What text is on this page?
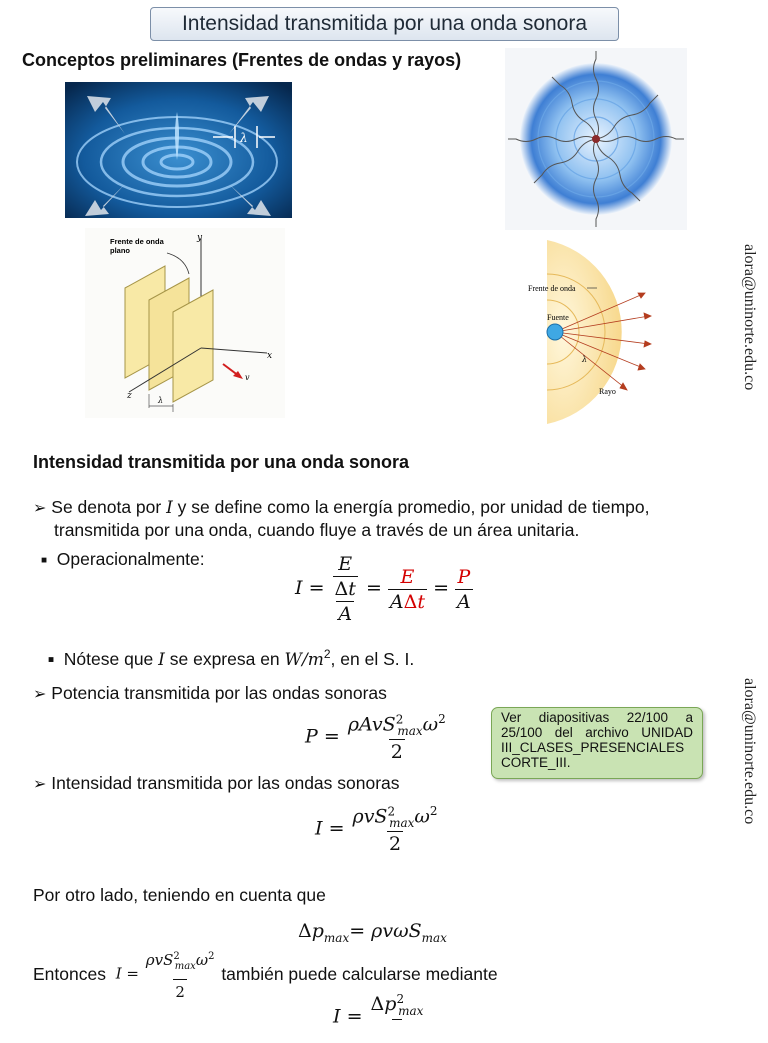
Intensidad transmitida por una onda sonora
Conceptos preliminares (Frentes de ondas y rayos)
λ
Frente de onda plano
y
x
z	λ
v
Frente de onda
Fuente
λ
Rayo
alora@uninorte.edu.co
alora@uninorte.edu.co
Intensidad transmitida por una onda sonora
➢ Se denota por I y se define como la energía promedio, por unidad de tiempo,
transmitida por una onda, cuando fluye a través de un área unitaria.
■ Operacionalmente:
$I = \frac{\frac{E}{\Delta t}}{A} = \frac{E}{\text{AΔt}} = \frac{P}{A}$
■ Nótese que I se expresa en $W/m^2$, en el S. I.
➢ Potencia transmitida por las ondas sonoras
$P = \frac{\rho AvS^2_{max}\omega^2}{2}$	Ver diapositivas 22/100 a 25/100 del archivo UNIDAD III_CLASES_PRESENCIALES CORTE_III.
➢ Intensidad transmitida por las ondas sonoras
$I = \frac{\rho vS^2_{max}\omega^2}{2}$
Por otro lado, teniendo en cuenta que
$\Delta p_{max}= \rho v\omega S_{max}$
Entonces
$I = \frac{\rho vS^2_{max}\omega^2}{2}$
también puede calcularse mediante
I =
$\Delta p^2_{max}$
